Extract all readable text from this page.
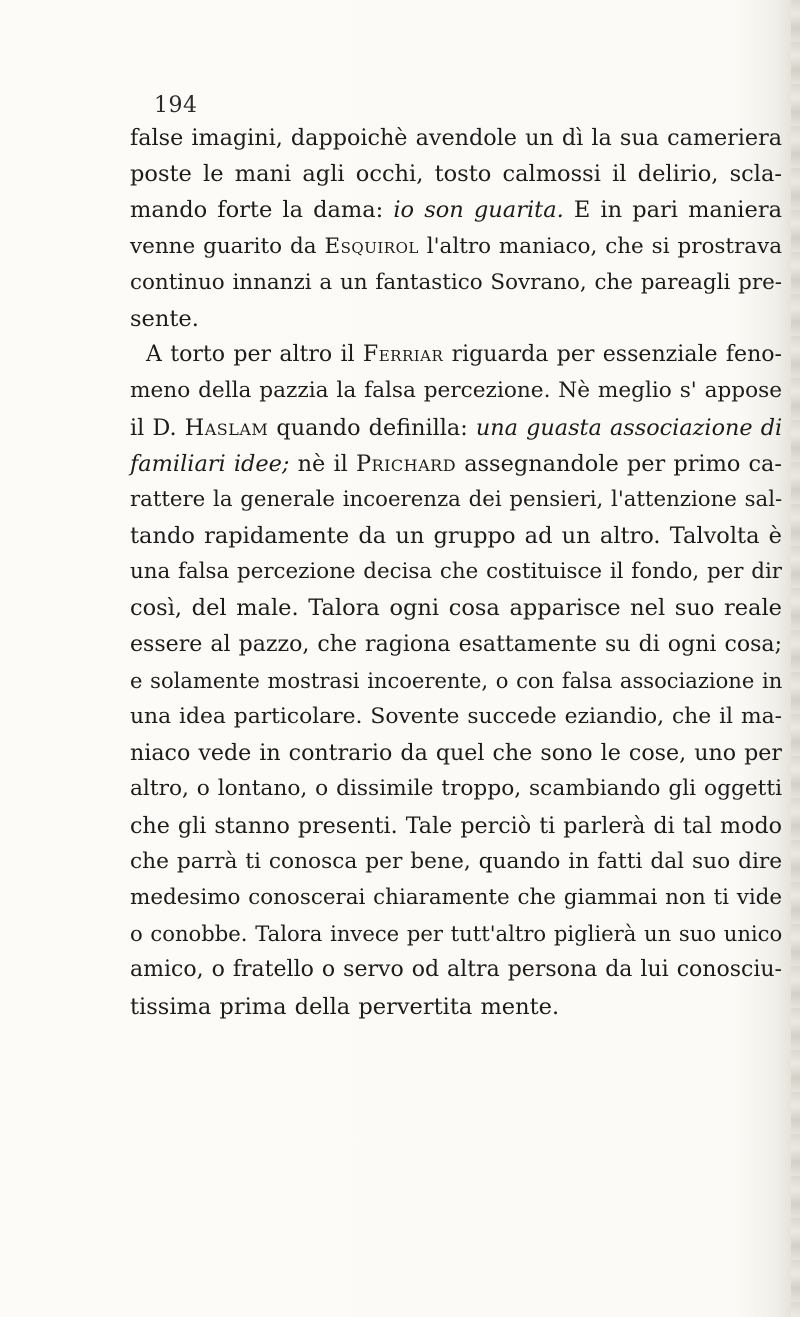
194
false imagini, dappoichè avendole un dì la sua cameriera
poste le mani agli occhi, tosto calmossi il delirio, scla-
mando forte la dama: io son guarita. E in pari maniera
venne guarito da Esquirol l'altro maniaco, che si prostrava
continuo innanzi a un fantastico Sovrano, che pareagli pre-
sente.
A torto per altro il Ferriar riguarda per essenziale feno-
meno della pazzia la falsa percezione. Nè meglio s' appose
il D. Haslam quando definilla: una guasta associazione di
familiari idee; nè il Prichard assegnandole per primo ca-
rattere la generale incoerenza dei pensieri, l'attenzione sal-
tando rapidamente da un gruppo ad un altro. Talvolta è
una falsa percezione decisa che costituisce il fondo, per dir
così, del male. Talora ogni cosa apparisce nel suo reale
essere al pazzo, che ragiona esattamente su di ogni cosa;
e solamente mostrasi incoerente, o con falsa associazione in
una idea particolare. Sovente succede eziandio, che il ma-
niaco vede in contrario da quel che sono le cose, uno per
altro, o lontano, o dissimile troppo, scambiando gli oggetti
che gli stanno presenti. Tale perciò ti parlerà di tal modo
che parrà ti conosca per bene, quando in fatti dal suo dire
medesimo conoscerai chiaramente che giammai non ti vide
o conobbe. Talora invece per tutt'altro piglierà un suo unico
amico, o fratello o servo od altra persona da lui conosciu-
tissima prima della pervertita mente.
